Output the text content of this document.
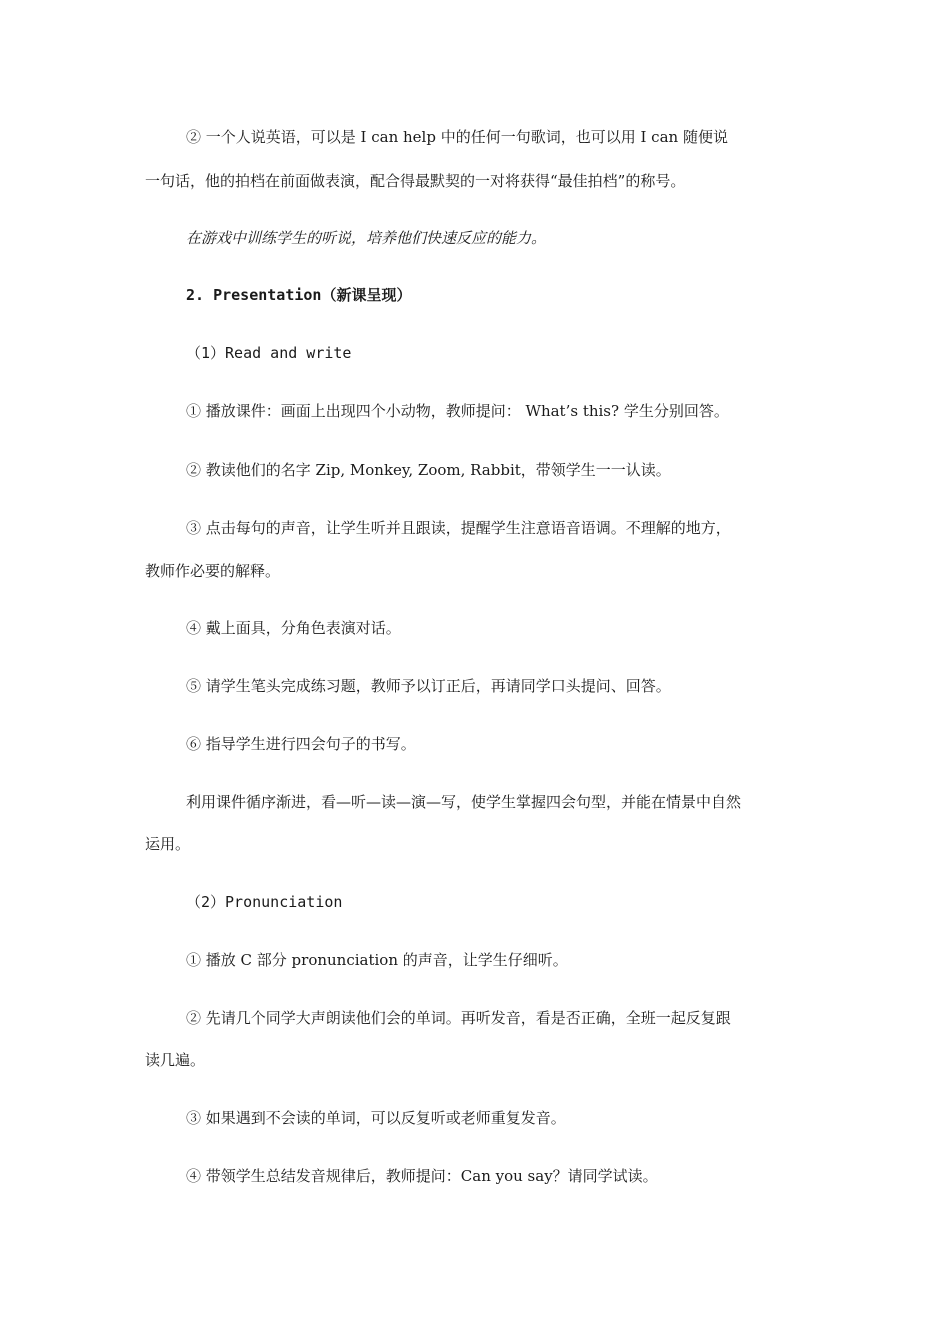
② 一个人说英语，可以是 I can help 中的任何一句歌词，也可以用 I can 随便说
一句话，他的拍档在前面做表演，配合得最默契的一对将获得“最佳拍档”的称号。
在游戏中训练学生的听说，培养他们快速反应的能力。
2. Presentation（新课呈现）
（1）Read and write
① 播放课件：画面上出现四个小动物，教师提问： What’s this? 学生分别回答。
② 教读他们的名字 Zip, Monkey, Zoom, Rabbit，带领学生一一认读。
③ 点击每句的声音，让学生听并且跟读，提醒学生注意语音语调。不理解的地方，
教师作必要的解释。
④ 戴上面具，分角色表演对话。
⑤ 请学生笔头完成练习题，教师予以订正后，再请同学口头提问、回答。
⑥ 指导学生进行四会句子的书写。
利用课件循序渐进，看—听—读—演—写，使学生掌握四会句型，并能在情景中自然
运用。
（2）Pronunciation
① 播放 C 部分 pronunciation 的声音，让学生仔细听。
② 先请几个同学大声朗读他们会的单词。再听发音，看是否正确，全班一起反复跟
读几遍。
③ 如果遇到不会读的单词，可以反复听或老师重复发音。
④ 带领学生总结发音规律后，教师提问：Can you say？请同学试读。
